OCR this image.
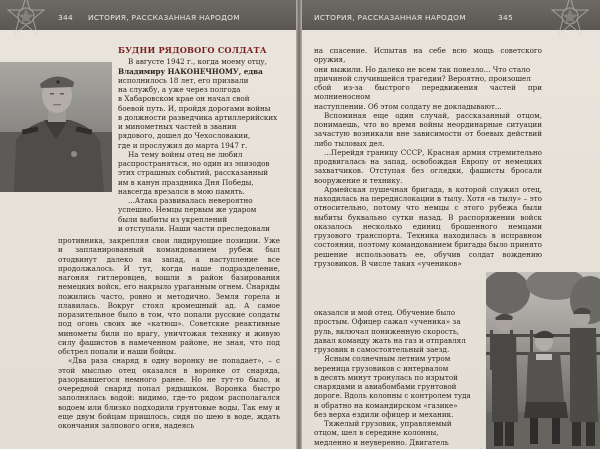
344 ИСТОРИЯ, РАССКАЗАННАЯ НАРОДОМ
БУДНИ РЯДОВОГО СОЛДАТА

В августе 1942 г., когда моему отцу,

Владимиру НАКОНЕЧНОМУ, едва

исполнилось 18 лет, его призвали

на службу, а уже через полгода

в Хабаровском крае он начал свой

боевой путь. И, пройдя дорогами войны

в должности разведчика артиллерийских

и минометных частей в звании

рядового, дошел до Чехословакии,

где и прослужил до марта 1947 г.

На тему войны отец не любил

распространяться, но один из эпизодов

этих страшных событий, рассказанный

им в канун праздника Дня Победы,

навсегда врезался в мою память.

...Атака развивалась невероятно

успешно. Немцы первым же ударом

были выбиты из укреплений

и отступали. Наши части преследовали

противника, закрепляя свои лидирующие позиции. Уже и запланированный командованием рубеж был отодвинут далеко на запад, а наступление все продолжалось. И тут, когда наше подразделение, нагоняя гитлеровцев, вошли в район базирования немецких войск, его накрыло ураганным огнем. Снаряды ложились часто, ровно и методично. Земля горела и плавилась. Вокруг стоял кромешный ад. А самое поразительное было в том, что попали русские солдаты под огонь своих же «катюш». Советские реактивные минометы били по врагу, уничтожая технику и живую силу фашистов в намеченном районе, не зная, что под обстрел попали и наши бойцы.

«Два раза снаряд в одну воронку не попадает», – с этой мыслью отец оказался в воронке от снаряда, разорвавшегося немного ранее. Но не тут-то было, и очередной снаряд попал рядышком. Воронка быстро заполнялась водой: видимо, где-то рядом располагался водоем или близко подходили грунтовые воды. Так ему и еще двум бойцам пришлось, сидя по шею в воде, ждать окончания залпового огня, надеясь

ИСТОРИЯ, РАССКАЗАННАЯ НАРОДОМ	345

на спасение. Испытав на себе всю мощь советского оружия,

они выжили. Но далеко не всем так повезло... Что стало

причиной случившейся трагедии? Вероятно, произошел

сбой из-за быстрого передвижения частей при молниеносном

наступлении. Об этом солдату не докладывают...

Вспоминая еще один случай, рассказанный отцом, понимаешь, что во время войны неординарные ситуации зачастую возникали вне зависимости от боевых действий либо тыловых дел.

...Перейдя границу СССР, Красная армия стремительно продвигалась на запад, освобождая Европу от немецких захватчиков. Отступая без оглядки, фашисты бросали вооружение и технику.

Армейская пушечная бригада, в которой служил отец, находилась на передислокации в тылу. Хотя «в тылу» – это относительно, потому что немцы с этого рубежа были выбиты буквально сутки назад. В распоряжении войск оказалось несколько единиц брошенного немцами грузового транспорта. Техника находилась в исправном состоянии, поэтому командованием бригады было принято решение использовать ее, обучив солдат вождению грузовиков. В числе таких «учеников»

оказался и мой отец. Обучение было

простым. Офицер сажал «ученика» за

руль, включал пониженную скорость,

давал команду жать на газ и отправлял

грузовик в самостоятельный заезд.

Ясным солнечным летним утром

вереница грузовиков с интервалом

в десять минут тронулась по изрытой

снарядами и авиабомбами грунтовой

дороге. Вдоль колонны с контролем туда

и обратно на командирском «газике»

без верха ездили офицер и механик.

Тяжелый грузовик, управляемый

отцом, шел в середине колонны,

медленно и неуверенно. Двигатель
